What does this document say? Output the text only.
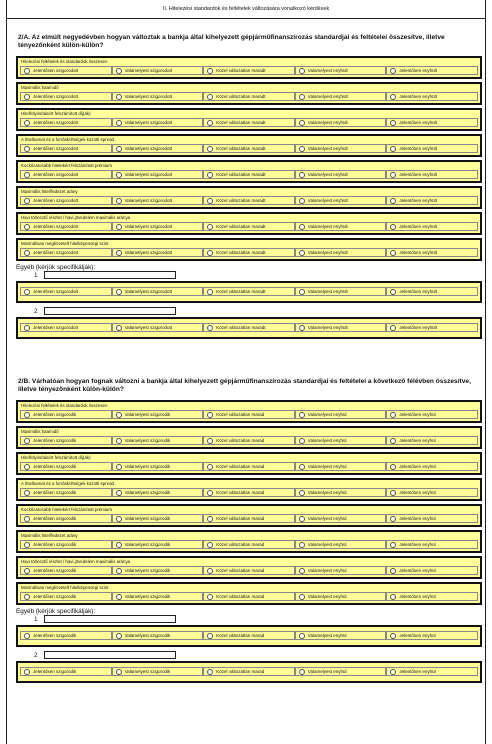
II. Hitelezési standardok és feltételek változására vonatkozó kérdések
2/A. Az elmúlt negyedévben hogyan változtak a bankja által kihelyezett gépjárműfinanszírozás standardjai és feltételei összesítve, illetve tényezőnként külön-külön?
Hitelezési feltételek és standardok összesen
Jelentősen szigorodott	Valamelyest szigorodott	Közel változatlan maradt	Valamelyest enyhült	Jelentősen enyhült
Maximális futamidő
Jelentősen szigorodott	Valamelyest szigorodott	Közel változatlan maradt	Valamelyest enyhült	Jelentősen enyhült
Hitelfolyósításért felszámított díj(ak)
Jelentősen szigorodott	Valamelyest szigorodott	Közel változatlan maradt	Valamelyest enyhült	Jelentősen enyhült
A hitelkamat és a forrásköltségek közötti spread
Jelentősen szigorodott	Valamelyest szigorodott	Közel változatlan maradt	Valamelyest enyhült	Jelentősen enyhült
Kockázatosabb hitelekért felszámított prémium
Jelentősen szigorodott	Valamelyest szigorodott	Közel változatlan maradt	Valamelyest enyhült	Jelentősen enyhült
Maximális hitel/fedezet arány
Jelentősen szigorodott	Valamelyest szigorodott	Közel változatlan maradt	Valamelyest enyhült	Jelentősen enyhült
Havi törlesztő részlet / havi jövedelem maximális aránya
Jelentősen szigorodott	Valamelyest szigorodott	Közel változatlan maradt	Valamelyest enyhült	Jelentősen enyhült
Minimálisan megkövetelt hitelképességi szint
Jelentősen szigorodott	Valamelyest szigorodott	Közel változatlan maradt	Valamelyest enyhült	Jelentősen enyhült
Egyéb (kérjük specifikálják):
1
Jelentősen szigorodott	Valamelyest szigorodott	Közel változatlan maradt	Valamelyest enyhült	Jelentősen enyhült
2
Jelentősen szigorodott	Valamelyest szigorodott	Közel változatlan maradt	Valamelyest enyhült	Jelentősen enyhült
2/B. Várhatóan hogyan fognak változni a bankja által kihelyezett gépjárműfinanszírozás standardjai és feltételei a következő félévben összesítve, illetve tényezőnként külön-külön?
Hitelezési feltételek és standardok összesen
Jelentősen szigorodik	Valamelyest szigorodik	Közel változatlan marad	Valamelyest enyhül	Jelentősen enyhül
Maximális futamidő
Jelentősen szigorodik	Valamelyest szigorodik	Közel változatlan marad	Valamelyest enyhül	Jelentősen enyhül
Hitelfolyósításért felszámított díj(ak)
Jelentősen szigorodik	Valamelyest szigorodik	Közel változatlan marad	Valamelyest enyhül	Jelentősen enyhül
A hitelkamat és a forrásköltségek közötti spread
Jelentősen szigorodik	Valamelyest szigorodik	Közel változatlan marad	Valamelyest enyhül	Jelentősen enyhül
Kockázatosabb hitelekért felszámított prémium
Jelentősen szigorodik	Valamelyest szigorodik	Közel változatlan marad	Valamelyest enyhül	Jelentősen enyhül
Maximális hitel/fedezet arány
Jelentősen szigorodik	Valamelyest szigorodik	Közel változatlan marad	Valamelyest enyhül	Jelentősen enyhül
Havi törlesztő részlet / havi jövedelem maximális aránya
Jelentősen szigorodik	Valamelyest szigorodik	Közel változatlan marad	Valamelyest enyhül	Jelentősen enyhül
Minimálisan megkövetelt hitelképességi szint
Jelentősen szigorodik	Valamelyest szigorodik	Közel változatlan marad	Valamelyest enyhül	Jelentősen enyhül
Egyéb (kérjük specifikálják):
1
Jelentősen szigorodik	Valamelyest szigorodik	Közel változatlan marad	Valamelyest enyhül	Jelentősen enyhül
2
Jelentősen szigorodik	Valamelyest szigorodik	Közel változatlan marad	Valamelyest enyhül	Jelentősen enyhül
